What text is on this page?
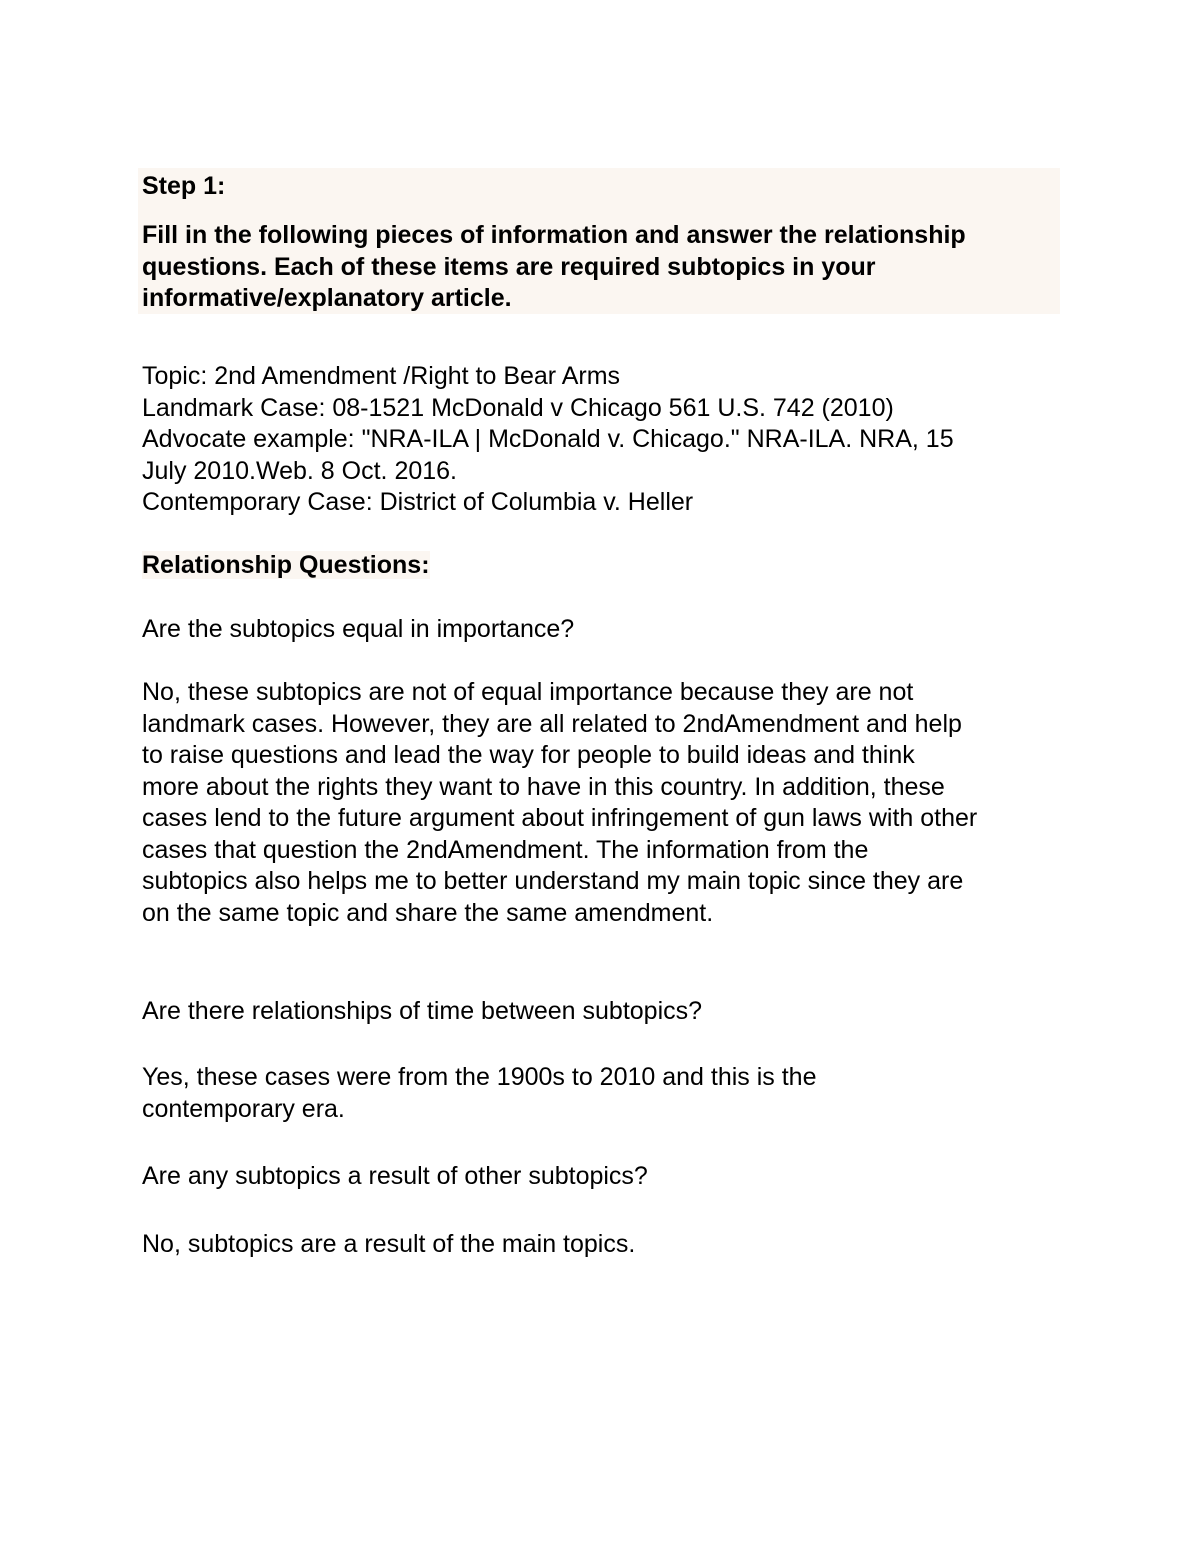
Step 1:

Fill in the following pieces of information and answer the relationship
questions. Each of these items are required subtopics in your
informative/explanatory article.
Topic: 2nd Amendment /Right to Bear Arms
Landmark Case: 08-1521 McDonald v Chicago 561 U.S. 742 (2010)
Advocate example: "NRA-ILA | McDonald v. Chicago." NRA-ILA. NRA, 15
July 2010.Web. 8 Oct. 2016.
Contemporary Case: District of Columbia v. Heller

Relationship Questions:

Are the subtopics equal in importance?

No, these subtopics are not of equal importance because they are not
landmark cases. However, they are all related to 2ndAmendment and help
to raise questions and lead the way for people to build ideas and think
more about the rights they want to have in this country. In addition, these
cases lend to the future argument about infringement of gun laws with other
cases that question the 2ndAmendment. The information from the
subtopics also helps me to better understand my main topic since they are
on the same topic and share the same amendment.

Are there relationships of time between subtopics?

Yes, these cases were from the 1900s to 2010 and this is the
contemporary era.

Are any subtopics a result of other subtopics?

No, subtopics are a result of the main topics.
